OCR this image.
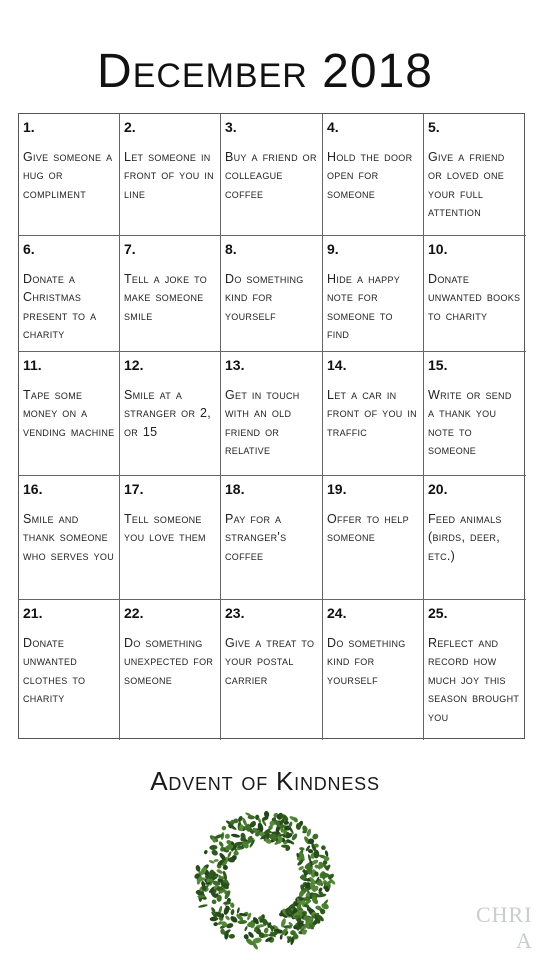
December 2018
1.
Give someone a hug or compliment
2.
Let someone in front of you in line
3.
Buy a friend or colleague coffee
4.
Hold the door open for someone
5.
Give a friend or loved one your full attention
6.
Donate a Christmas present to a charity
7.
Tell a joke to make someone smile
8.
Do something kind for yourself
9.
Hide a happy note for someone to find
10.
Donate unwanted books to charity
11.
Tape some money on a vending machine
12.
Smile at a stranger or 2, or 15
13.
Get in touch with an old friend or relative
14.
Let a car in front of you in traffic
15.
Write or send a thank you note to someone
16.
Smile and thank someone who serves you
17.
Tell someone you love them
18.
Pay for a stranger's coffee
19.
Offer to help someone
20.
Feed animals (birds, deer, etc.)
21.
Donate unwanted clothes to charity
22.
Do something unexpected for someone
23.
Give a treat to your postal carrier
24.
Do something kind for yourself
25.
Reflect and record how much joy this season brought you
Advent of Kindness
CHRI
A
